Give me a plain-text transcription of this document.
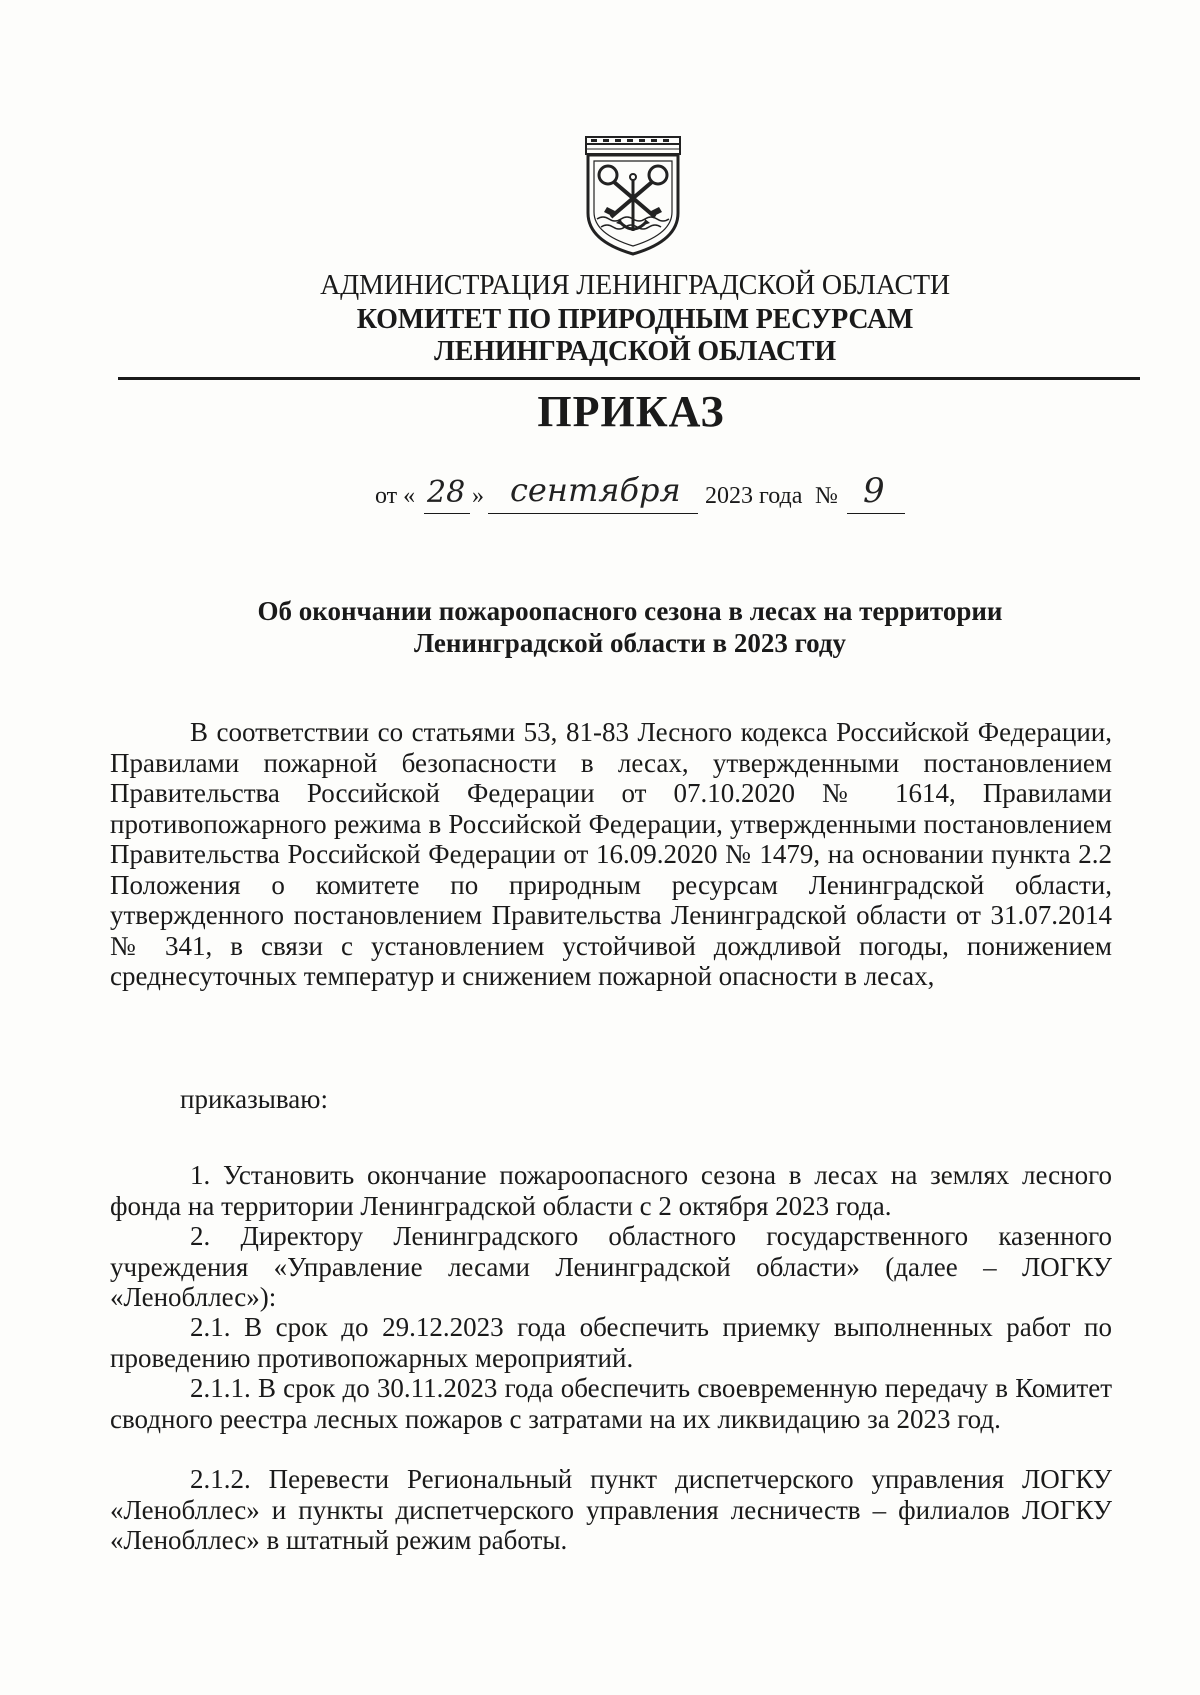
АДМИНИСТРАЦИЯ ЛЕНИНГРАДСКОЙ ОБЛАСТИ
КОМИТЕТ ПО ПРИРОДНЫМ РЕСУРСАМ
ЛЕНИНГРАДСКОЙ ОБЛАСТИ
ПРИКАЗ
от « 28 » сентября 2023 года № 9
Об окончании пожароопасного сезона в лесах на территории
Ленинградской области в 2023 году
В соответствии со статьями 53, 81-83 Лесного кодекса Российской Федерации, Правилами пожарной безопасности в лесах, утвержденными постановлением Правительства Российской Федерации от 07.10.2020 № 1614, Правилами противопожарного режима в Российской Федерации, утвержденными постановлением Правительства Российской Федерации от 16.09.2020 № 1479, на основании пункта 2.2 Положения о комитете по природным ресурсам Ленинградской области, утвержденного постановлением Правительства Ленинградской области от 31.07.2014 № 341, в связи с установлением устойчивой дождливой погоды, понижением среднесуточных температур и снижением пожарной опасности в лесах,
приказываю:
1. Установить окончание пожароопасного сезона в лесах на землях лесного фонда на территории Ленинградской области с 2 октября 2023 года.
2. Директору Ленинградского областного государственного казенного учреждения «Управление лесами Ленинградской области» (далее – ЛОГКУ «Ленобллес»):
2.1. В срок до 29.12.2023 года обеспечить приемку выполненных работ по проведению противопожарных мероприятий.
2.1.1. В срок до 30.11.2023 года обеспечить своевременную передачу в Комитет сводного реестра лесных пожаров с затратами на их ликвидацию за 2023 год.
2.1.2. Перевести Региональный пункт диспетчерского управления ЛОГКУ «Ленобллес» и пункты диспетчерского управления лесничеств – филиалов ЛОГКУ «Ленобллес» в штатный режим работы.
